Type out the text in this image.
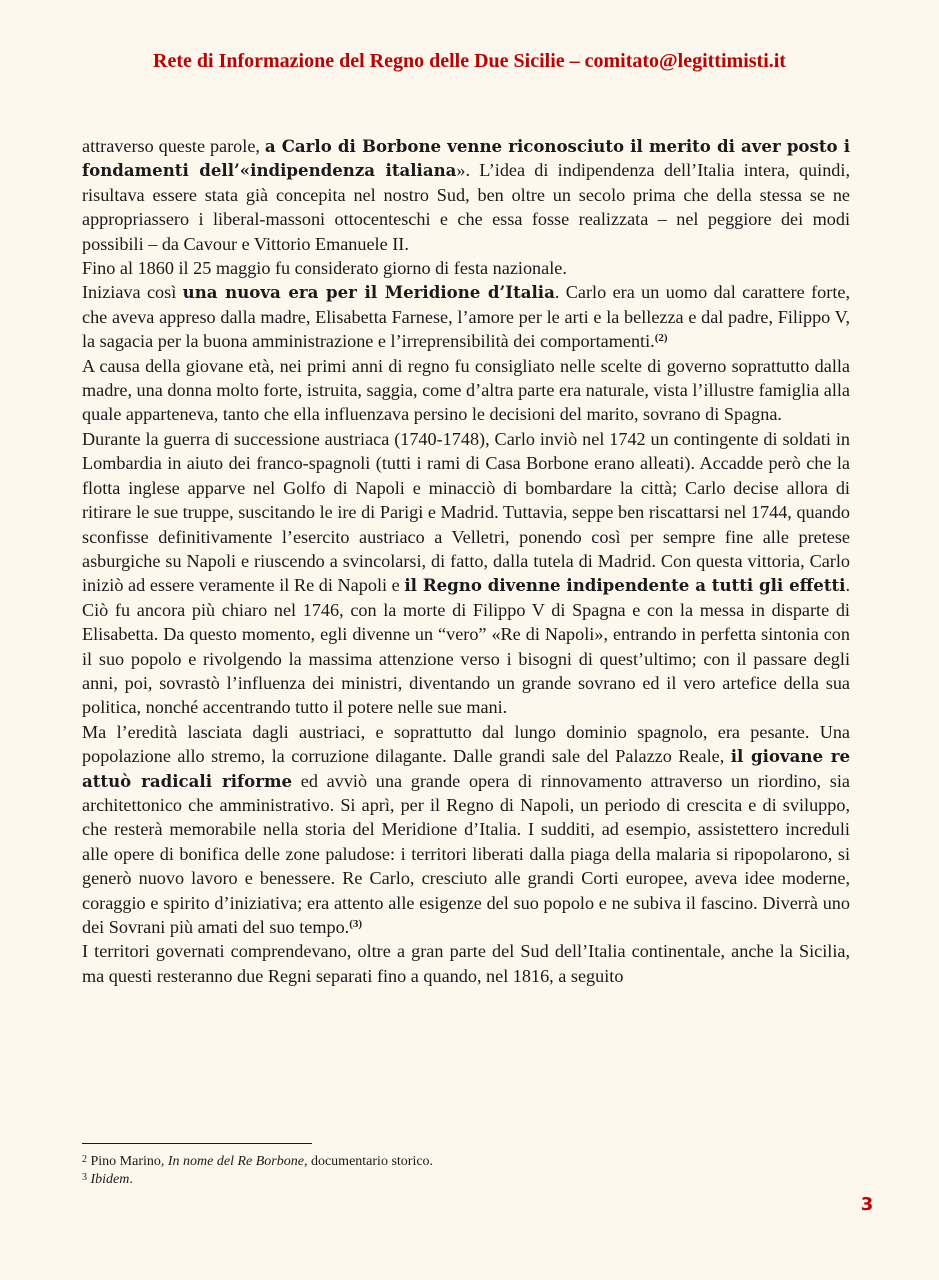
Rete di Informazione del Regno delle Due Sicilie – comitato@legittimisti.it

attraverso queste parole, a Carlo di Borbone venne riconosciuto il merito di aver posto i fondamenti dell’«indipendenza italiana». L’idea di indipendenza dell’Italia intera, quindi, risultava essere stata già concepita nel nostro Sud, ben oltre un secolo prima che della stessa se ne appropriassero i liberal-massoni ottocenteschi e che essa fosse realizzata – nel peggiore dei modi possibili – da Cavour e Vittorio Emanuele II.

Fino al 1860 il 25 maggio fu considerato giorno di festa nazionale.

Iniziava così una nuova era per il Meridione d’Italia. Carlo era un uomo dal carattere forte, che aveva appreso dalla madre, Elisabetta Farnese, l’amore per le arti e la bellezza e dal padre, Filippo V, la sagacia per la buona amministrazione e l’irreprensibilità dei comportamenti.$^{(2)}$

A causa della giovane età, nei primi anni di regno fu consigliato nelle scelte di governo soprattutto dalla madre, una donna molto forte, istruita, saggia, come d’altra parte era naturale, vista l’illustre famiglia alla quale apparteneva, tanto che ella influenzava persino le decisioni del marito, sovrano di Spagna.

Durante la guerra di successione austriaca (1740-1748), Carlo inviò nel 1742 un contingente di soldati in Lombardia in aiuto dei franco-spagnoli (tutti i rami di Casa Borbone erano alleati). Accadde però che la flotta inglese apparve nel Golfo di Napoli e minacciò di bombardare la città; Carlo decise allora di ritirare le sue truppe, suscitando le ire di Parigi e Madrid. Tuttavia, seppe ben riscattarsi nel 1744, quando sconfisse definitivamente l’esercito austriaco a Velletri, ponendo così per sempre fine alle pretese asburgiche su Napoli e riuscendo a svincolarsi, di fatto, dalla tutela di Madrid. Con questa vittoria, Carlo iniziò ad essere veramente il Re di Napoli e il Regno divenne indipendente a tutti gli effetti. Ciò fu ancora più chiaro nel 1746, con la morte di Filippo V di Spagna e con la messa in disparte di Elisabetta. Da questo momento, egli divenne un “vero” «Re di Napoli», entrando in perfetta sintonia con il suo popolo e rivolgendo la massima attenzione verso i bisogni di quest’ultimo; con il passare degli anni, poi, sovrastò l’influenza dei ministri, diventando un grande sovrano ed il vero artefice della sua politica, nonché accentrando tutto il potere nelle sue mani.

Ma l’eredità lasciata dagli austriaci, e soprattutto dal lungo dominio spagnolo, era pesante. Una popolazione allo stremo, la corruzione dilagante. Dalle grandi sale del Palazzo Reale, il giovane re attuò radicali riforme ed avviò una grande opera di rinnovamento attraverso un riordino, sia architettonico che amministrativo. Si aprì, per il Regno di Napoli, un periodo di crescita e di sviluppo, che resterà memorabile nella storia del Meridione d’Italia. I sudditi, ad esempio, assistettero increduli alle opere di bonifica delle zone paludose: i territori liberati dalla piaga della malaria si ripopolarono, si generò nuovo lavoro e benessere. Re Carlo, cresciuto alle grandi Corti europee, aveva idee moderne, coraggio e spirito d’iniziativa; era attento alle esigenze del suo popolo e ne subiva il fascino. Diverrà uno dei Sovrani più amati del suo tempo.$^{(3)}$

I territori governati comprendevano, oltre a gran parte del Sud dell’Italia continentale, anche la Sicilia, ma questi resteranno due Regni separati fino a quando, nel 1816, a seguito

$^2$ Pino Marino, In nome del Re Borbone, documentario storico.
$^3$ Ibidem.
3
